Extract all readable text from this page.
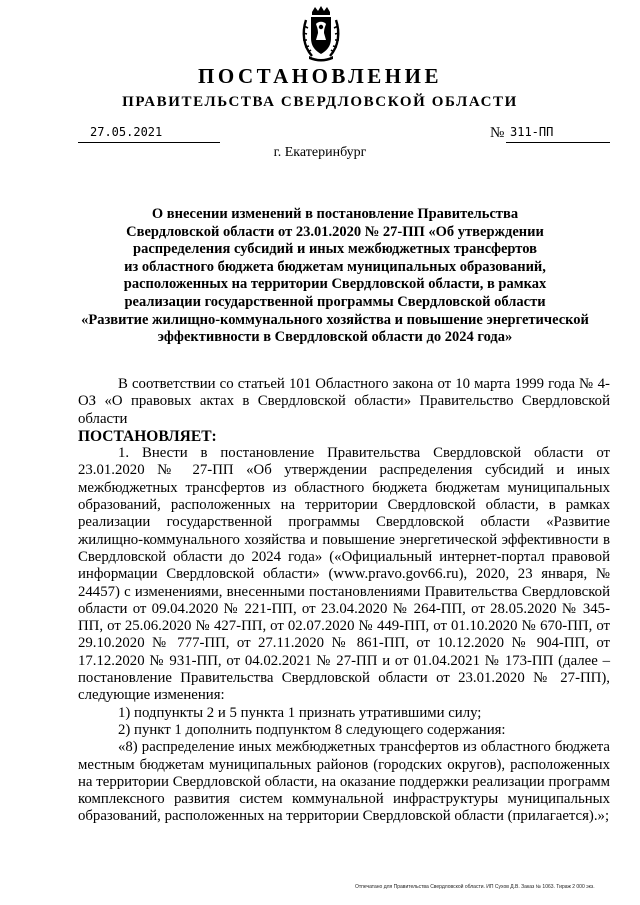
ПОСТАНОВЛЕНИЕ
ПРАВИТЕЛЬСТВА СВЕРДЛОВСКОЙ ОБЛАСТИ
27.05.2021	№ 311-ПП
г. Екатеринбург
О внесении изменений в постановление Правительства
Свердловской области от 23.01.2020 № 27-ПП «Об утверждении
распределения субсидий и иных межбюджетных трансфертов
из областного бюджета бюджетам муниципальных образований,
расположенных на территории Свердловской области, в рамках
реализации государственной программы Свердловской области
«Развитие жилищно-коммунального хозяйства и повышение энергетической
эффективности в Свердловской области до 2024 года»

В соответствии со статьей 101 Областного закона от 10 марта 1999 года № 4-ОЗ «О правовых актах в Свердловской области» Правительство Свердловской области

ПОСТАНОВЛЯЕТ:

1. Внести в постановление Правительства Свердловской области от 23.01.2020 № 27-ПП «Об утверждении распределения субсидий и иных межбюджетных трансфертов из областного бюджета бюджетам муниципальных образований, расположенных на территории Свердловской области, в рамках реализации государственной программы Свердловской области «Развитие жилищно-коммунального хозяйства и повышение энергетической эффективности в Свердловской области до 2024 года» («Официальный интернет-портал правовой информации Свердловской области» (www.pravo.gov66.ru), 2020, 23 января, № 24457) с изменениями, внесенными постановлениями Правительства Свердловской области от 09.04.2020 № 221-ПП, от 23.04.2020 № 264-ПП, от 28.05.2020 № 345-ПП, от 25.06.2020 № 427-ПП, от 02.07.2020 № 449-ПП, от 01.10.2020 № 670-ПП, от 29.10.2020 № 777-ПП, от 27.11.2020 № 861-ПП, от 10.12.2020 № 904-ПП, от 17.12.2020 № 931-ПП, от 04.02.2021 № 27-ПП и от 01.04.2021 № 173-ПП (далее – постановление Правительства Свердловской области от 23.01.2020 № 27-ПП), следующие изменения:

1) подпункты 2 и 5 пункта 1 признать утратившими силу;

2) пункт 1 дополнить подпунктом 8 следующего содержания:

«8) распределение иных межбюджетных трансфертов из областного бюджета местным бюджетам муниципальных районов (городских округов), расположенных на территории Свердловской области, на оказание поддержки реализации программ комплексного развития систем коммунальной инфраструктуры муниципальных образований, расположенных на территории Свердловской области (прилагается).»;

Отпечатано для Правительства Свердловской области. ИП Сухов Д.В. Заказ № 1063. Тираж 2 000 экз.
